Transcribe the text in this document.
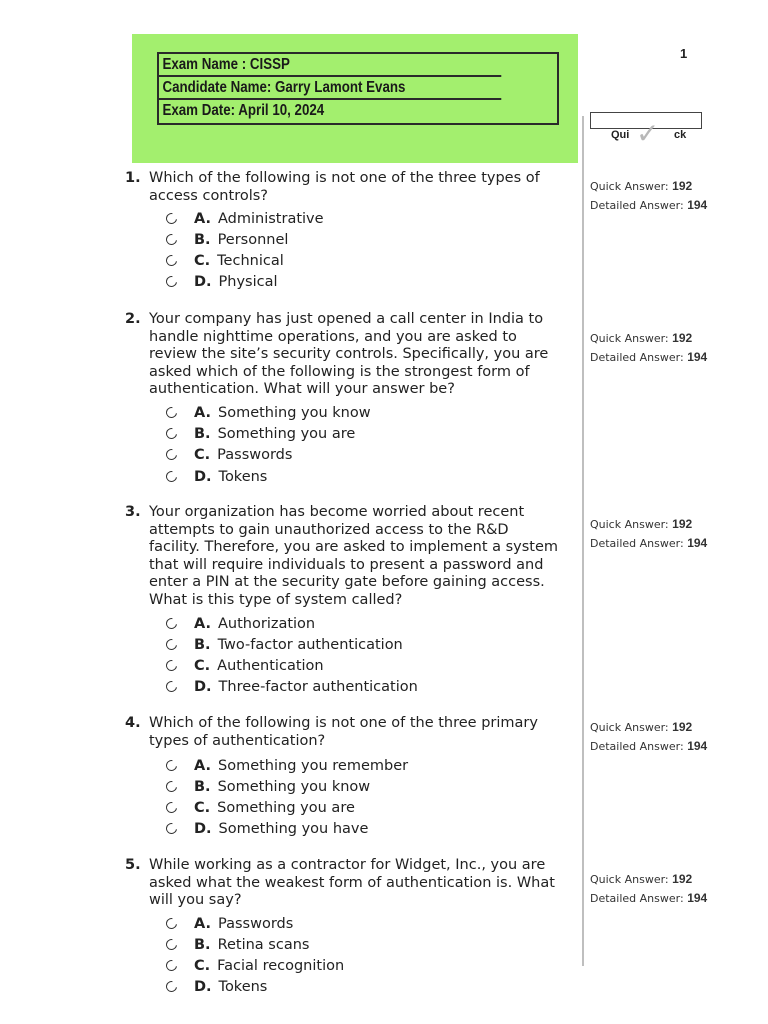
1
Exam Name : CISSP
Candidate Name: Garry Lamont Evans
Exam Date: April 10, 2024
Qui ✓ ck
1. Which of the following is not one of the three types of access controls?
A. Administrative
B. Personnel
C. Technical
D. Physical
Quick Answer: 192
Detailed Answer: 194
2. Your company has just opened a call center in India to handle nighttime operations, and you are asked to review the site’s security controls. Specifically, you are asked which of the following is the strongest form of authentication. What will your answer be?
A. Something you know
B. Something you are
C. Passwords
D. Tokens
Quick Answer: 192
Detailed Answer: 194
3. Your organization has become worried about recent attempts to gain unauthorized access to the R&D facility. Therefore, you are asked to implement a system that will require individuals to present a password and enter a PIN at the security gate before gaining access. What is this type of system called?
A. Authorization
B. Two-factor authentication
C. Authentication
D. Three-factor authentication
Quick Answer: 192
Detailed Answer: 194
4. Which of the following is not one of the three primary types of authentication?
A. Something you remember
B. Something you know
C. Something you are
D. Something you have
Quick Answer: 192
Detailed Answer: 194
5. While working as a contractor for Widget, Inc., you are asked what the weakest form of authentication is. What will you say?
A. Passwords
B. Retina scans
C. Facial recognition
D. Tokens
Quick Answer: 192
Detailed Answer: 194
